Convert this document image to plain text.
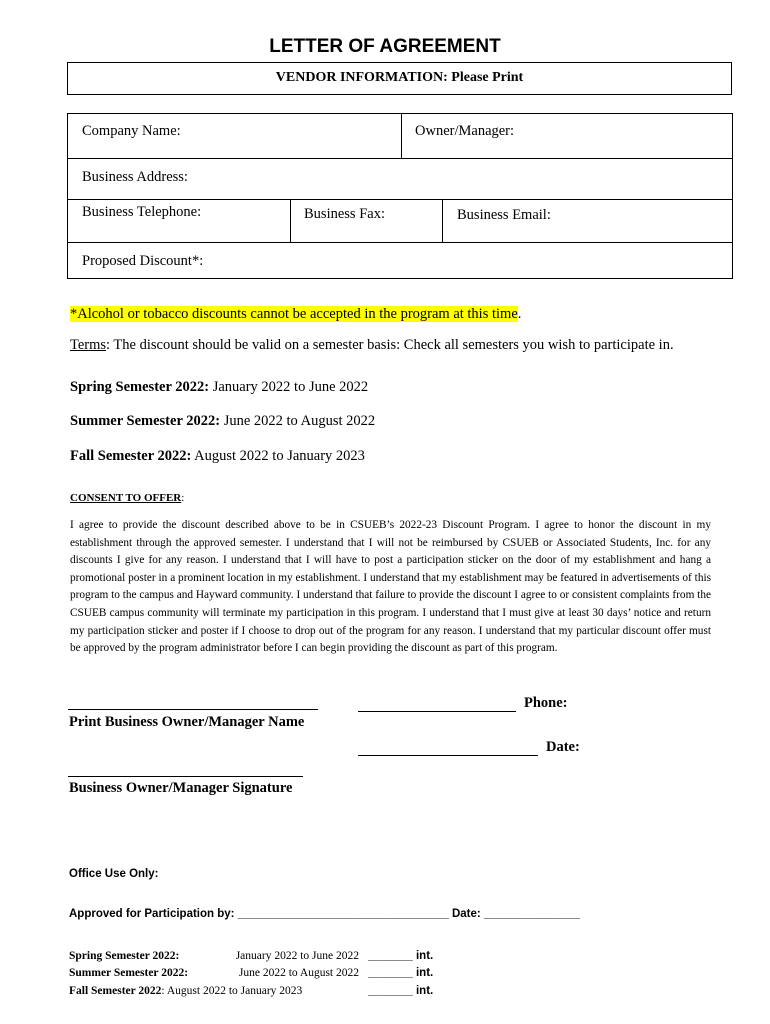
LETTER OF AGREEMENT
VENDOR INFORMATION: Please Print
Company Name:	Owner/Manager:
Business Address:
Business Telephone:	Business Fax:	Business Email:
Proposed Discount*:
*Alcohol or tobacco discounts cannot be accepted in the program at this time.
Terms: The discount should be valid on a semester basis: Check all semesters you wish to participate in.
Spring Semester 2022: January 2022 to June 2022
Summer Semester 2022: June 2022 to August 2022
Fall Semester 2022: August 2022 to January 2023
CONSENT TO OFFER:
I agree to provide the discount described above to be in CSUEB’s 2022-23 Discount Program. I agree to honor the discount in my establishment through the approved semester. I understand that I will not be reimbursed by CSUEB or Associated Students, Inc. for any discounts I give for any reason. I understand that I will have to post a participation sticker on the door of my establishment and hang a promotional poster in a prominent location in my establishment. I understand that my establishment may be featured in advertisements of this program to the campus and Hayward community. I understand that failure to provide the discount I agree to or consistent complaints from the CSUEB campus community will terminate my participation in this program. I understand that I must give at least 30 days’ notice and return my participation sticker and poster if I choose to drop out of the program for any reason. I understand that my particular discount offer must be approved by the program administrator before I can begin providing the discount as part of this program.
Print Business Owner/Manager Name
Phone:
Date:
Business Owner/Manager Signature
Office Use Only:
Approved for Participation by: _________________________________ Date: _______________
Spring Semester 2022:	January 2022 to June 2022 _______ int.
Summer Semester 2022:	June 2022 to August 2022 _______ int.
Fall Semester 2022: August 2022 to January 2023	_______ int.
